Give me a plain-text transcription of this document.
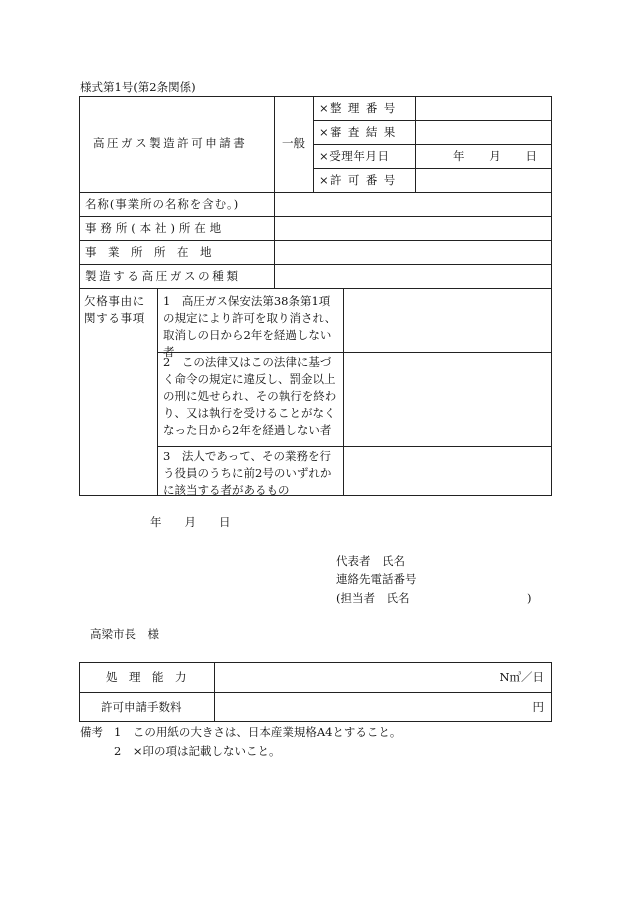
様式第1号(第2条関係)
高圧ガス製造許可申請書	一般
×整 理 番 号
×審 査 結 果
×受理年月日	年　　月　　日
×許 可 番 号
名称(事業所の名称を含む。)
事務所(本社)所在地
事　業　所　所　在　地
製造する高圧ガスの種類
欠格事由に関する事項
1　高圧ガス保安法第38条第1項の規定により許可を取り消され、取消しの日から2年を経過しない者
2　この法律又はこの法律に基づく命令の規定に違反し、罰金以上の刑に処せられ、その執行を終わり、又は執行を受けることがなくなった日から2年を経過しない者
3　法人であって、その業務を行う役員のうちに前2号のいずれかに該当する者があるもの
年　　月　　日
代表者　氏名
連絡先電話番号
(担当者　氏名	)
高梁市長　様
処　理　能　力	N㎥／日
許可申請手数料	円
備考 1　この用紙の大きさは、日本産業規格A4とすること。
2　×印の項は記載しないこと。
